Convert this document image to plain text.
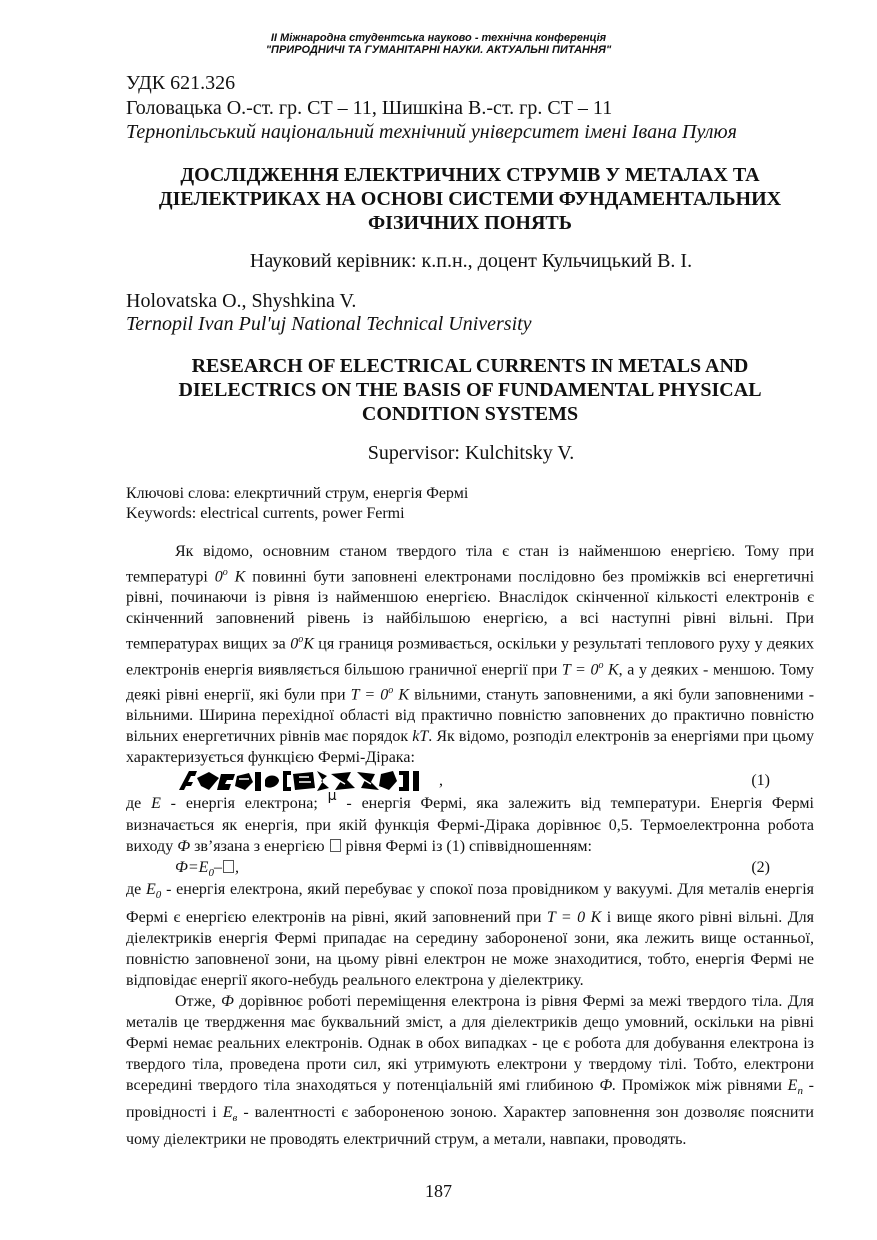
II Міжнародна студентська науково - технічна конференція
"ПРИРОДНИЧІ ТА ГУМАНІТАРНІ НАУКИ. АКТУАЛЬНІ ПИТАННЯ"
УДК 621.326
Головацька О.-ст. гр. СТ – 11, Шишкіна В.-ст. гр. СТ – 11
Тернопільський національний технічний університет імені Івана Пулюя
ДОСЛІДЖЕННЯ ЕЛЕКТРИЧНИХ СТРУМІВ У МЕТАЛАХ ТА
ДІЕЛЕКТРИКАХ НА ОСНОВІ СИСТЕМИ ФУНДАМЕНТАЛЬНИХ
ФІЗИЧНИХ ПОНЯТЬ
Науковий керівник: к.п.н., доцент Кульчицький В. І.
Holovatska O., Shyshkina V.
Ternopil Ivan Pul'uj National Technical University
RESEARCH OF ELECTRICAL CURRENTS IN METALS AND
DIELECTRICS ON THE BASIS OF FUNDAMENTAL PHYSICAL
CONDITION SYSTEMS
Supervisor: Kulchitsky V.
Ключові слова: елекртичний струм, енергія Фермі
Keywords: electrical currents, power Fermi

Як відомо, основним станом твердого тіла є стан із найменшою енергією. Тому при температурі 0$^o$ К повинні бути заповнені електронами послідовно без проміжків всі енергетичні рівні, починаючи із рівня із найменшою енергією. Внаслідок скінченної кількості електронів є скінченний заповнений рівень із найбільшою енергією, а всі наступні рівні вільні. При температурах вищих за 0$^o$К ця границя розмивається, оскільки у результаті теплового руху у деяких електронів енергія виявляється більшою граничної енергії при $T = 0^o$ К, а у деяких - меншою. Тому деякі рівні енергії, які були при $T = 0^o$ К вільними, стануть заповненими, а які були заповненими - вільними. Ширина перехідної області від практично повністю заповнених до практично повністю вільних енергетичних рівнів має порядок kT. Як відомо, розподіл електронів за енергіями при цьому характеризується функцією Фермі-Дірака:

,	(1)

де E - енергія електрона; μ - енергія Фермі, яка залежить від температури. Енергія Фермі визначається як енергія, при якій функція Фермі-Дірака дорівнює 0,5. Термоелектронна робота виходу Ф зв’язана з енергією  рівня Фермі із (1) співвідношенням:

$Ф=E_0-$ ,	(2)

де $E_0$ - енергія електрона, який перебуває у спокої поза провідником у вакуумі. Для металів енергія Фермі є енергією електронів на рівні, який заповнений при T = 0 K і вище якого рівні вільні. Для діелектриків енергія Фермі припадає на середину забороненої зони, яка лежить вище останньої, повністю заповненої зони, на цьому рівні електрон не може знаходитися, тобто, енергія Фермі не відповідає енергії якого-небудь реального електрона у діелектрику.

Отже, Ф дорівнює роботі переміщення електрона із рівня Фермі за межі твердого тіла. Для металів це твердження має буквальний зміст, а для діелектриків дещо умовний, оскільки на рівні Фермі немає реальних електронів. Однак в обох випадках - це є робота для добування електрона із твердого тіла, проведена проти сил, які утримують електрони у твердому тілі. Тобто, електрони всередині твердого тіла знаходяться у потенціальній ямі глибиною Ф. Проміжок між рівнями $E_n$ - провідності і $E_в$ - валентності є забороненою зоною. Характер заповнення зон дозволяє пояснити чому діелектрики не проводять електричний струм, а метали, навпаки, проводять.

187
